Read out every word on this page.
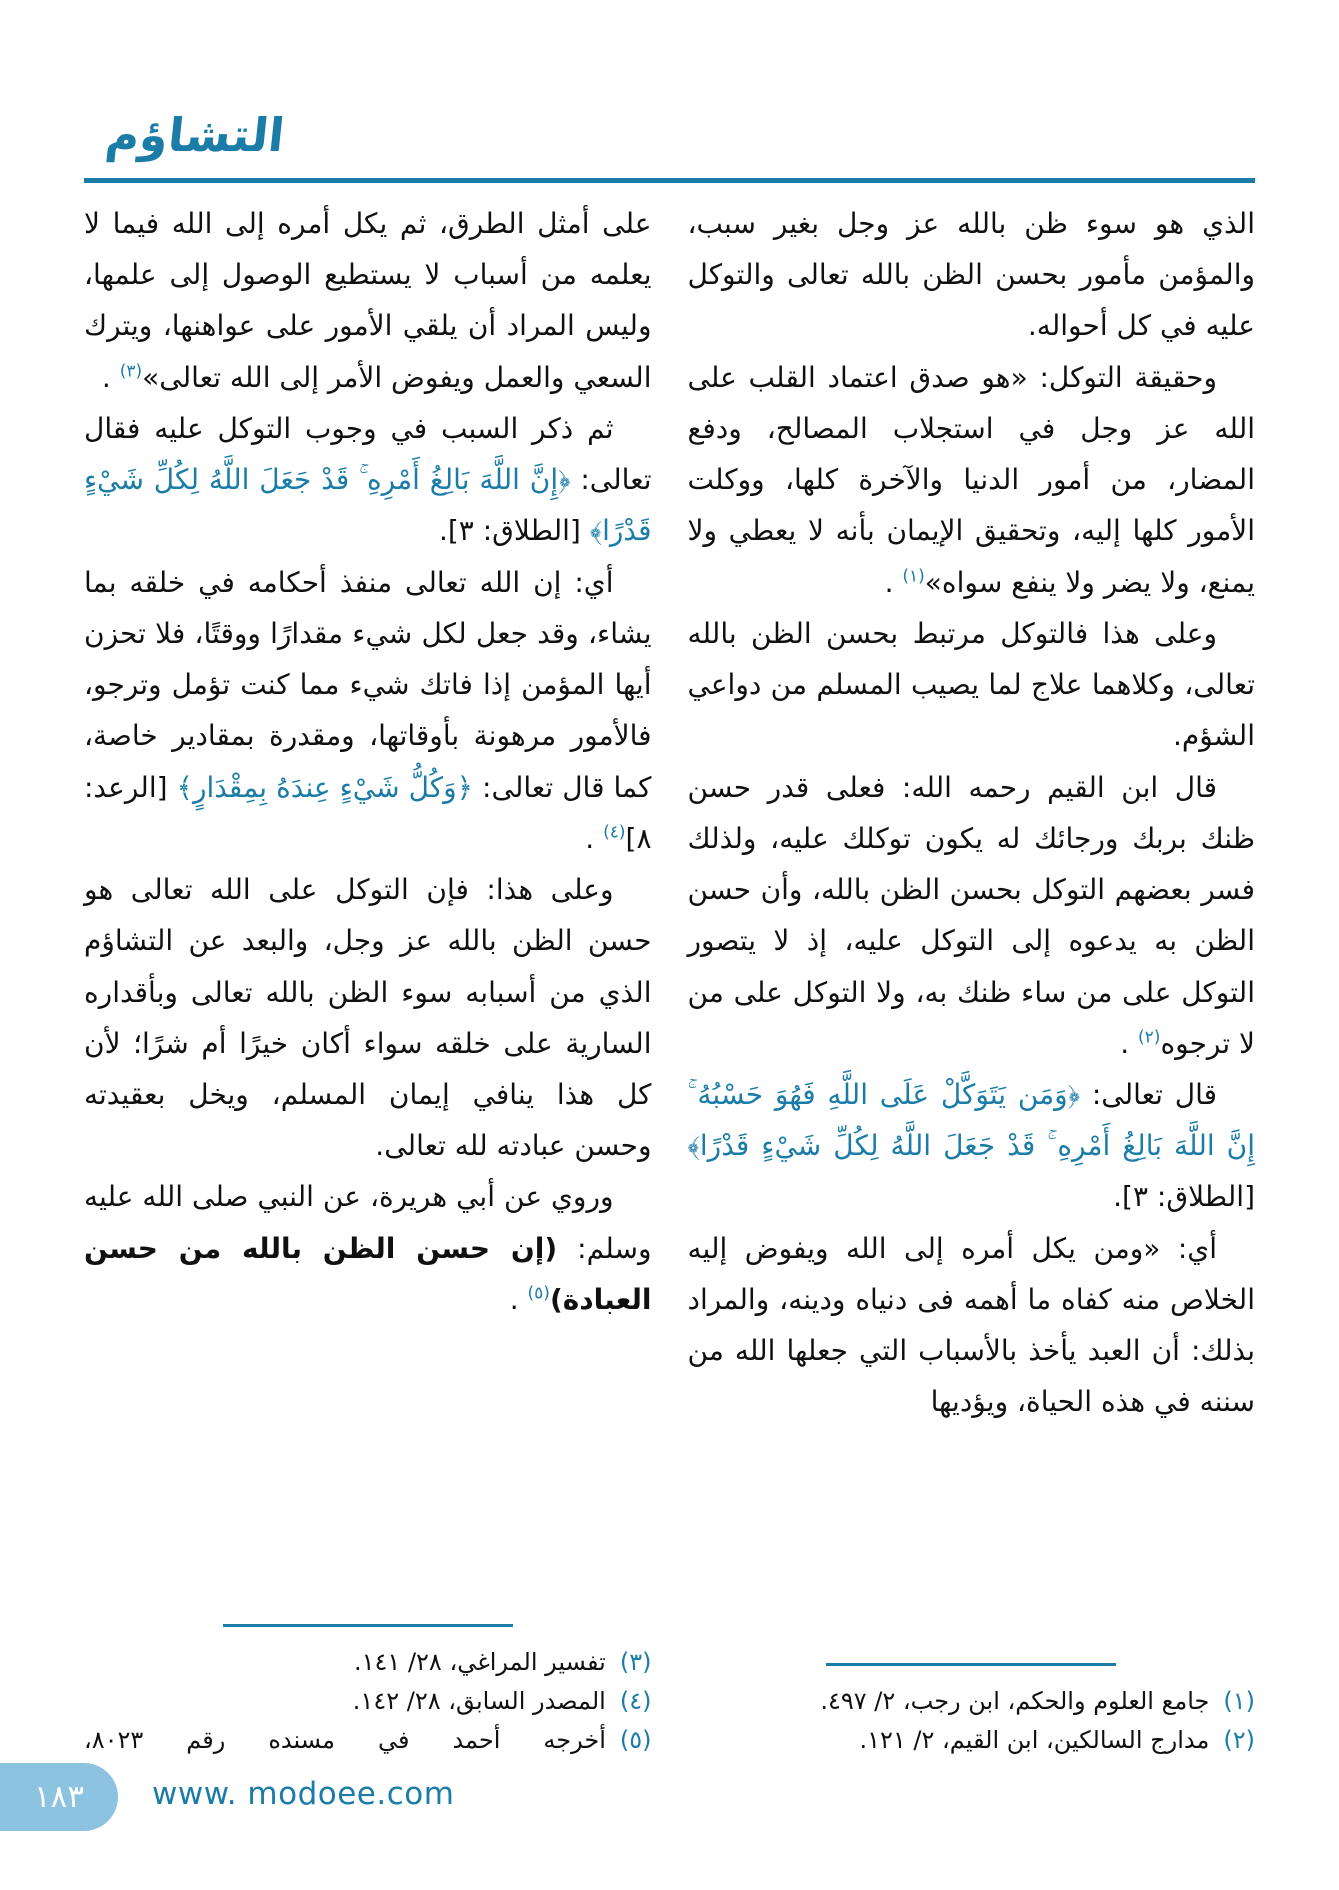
التشاؤم

الذي هو سوء ظن بالله عز وجل بغير سبب، والمؤمن مأمور بحسن الظن بالله تعالى والتوكل عليه في كل أحواله.

وحقيقة التوكل: «هو صدق اعتماد القلب على الله عز وجل في استجلاب المصالح، ودفع المضار، من أمور الدنيا والآخرة كلها، ووكلت الأمور كلها إليه، وتحقيق الإيمان بأنه لا يعطي ولا يمنع، ولا يضر ولا ينفع سواه»$^{(١)}$ .

وعلى هذا فالتوكل مرتبط بحسن الظن بالله تعالى، وكلاهما علاج لما يصيب المسلم من دواعي الشؤم.

قال ابن القيم رحمه الله: فعلى قدر حسن ظنك بربك ورجائك له يكون توكلك عليه، ولذلك فسر بعضهم التوكل بحسن الظن بالله، وأن حسن الظن به يدعوه إلى التوكل عليه، إذ لا يتصور التوكل على من ساء ظنك به، ولا التوكل على من لا ترجوه$^{(٢)}$ .

قال تعالى: ﴿وَمَن يَتَوَكَّلْ عَلَى اللَّهِ فَهُوَ حَسْبُهُ ۚ إِنَّ اللَّهَ بَالِغُ أَمْرِهِ ۚ قَدْ جَعَلَ اللَّهُ لِكُلِّ شَيْءٍ قَدْرًا﴾ [الطلاق: ٣].

أي: «ومن يكل أمره إلى الله ويفوض إليه الخلاص منه كفاه ما أهمه فى دنياه ودينه، والمراد بذلك: أن العبد يأخذ بالأسباب التي جعلها الله من سننه في هذه الحياة، ويؤديها

(١)جامع العلوم والحكم، ابن رجب، ٢/ ٤٩٧.
(٢)مدارج السالكين، ابن القيم، ٢/ ١٢١.

على أمثل الطرق، ثم يكل أمره إلى الله فيما لا يعلمه من أسباب لا يستطيع الوصول إلى علمها، وليس المراد أن يلقي الأمور على عواهنها، ويترك السعي والعمل ويفوض الأمر إلى الله تعالى»$^{(٣)}$ .

ثم ذكر السبب في وجوب التوكل عليه فقال تعالى: ﴿إِنَّ اللَّهَ بَالِغُ أَمْرِهِ ۚ قَدْ جَعَلَ اللَّهُ لِكُلِّ شَيْءٍ قَدْرًا﴾ [الطلاق: ٣].

أي: إن الله تعالى منفذ أحكامه في خلقه بما يشاء، وقد جعل لكل شيء مقدارًا ووقتًا، فلا تحزن أيها المؤمن إذا فاتك شيء مما كنت تؤمل وترجو، فالأمور مرهونة بأوقاتها، ومقدرة بمقادير خاصة، كما قال تعالى: ﴿وَكُلُّ شَيْءٍ عِندَهُ بِمِقْدَارٍ﴾ [الرعد: ٨]$^{(٤)}$ .

وعلى هذا: فإن التوكل على الله تعالى هو حسن الظن بالله عز وجل، والبعد عن التشاؤم الذي من أسبابه سوء الظن بالله تعالى وبأقداره السارية على خلقه سواء أكان خيرًا أم شرًا؛ لأن كل هذا ينافي إيمان المسلم، ويخل بعقيدته وحسن عبادته لله تعالى.

وروي عن أبي هريرة، عن النبي صلى الله عليه وسلم: (إن حسن الظن بالله من حسن العبادة)$^{(٥)}$ .

(٣)تفسير المراغي، ٢٨/ ١٤١.
(٤)المصدر السابق، ٢٨/ ١٤٢.
(٥)أخرجه أحمد في مسنده رقم ٨٠٢٣،
١٨٣ www. modoee.com
